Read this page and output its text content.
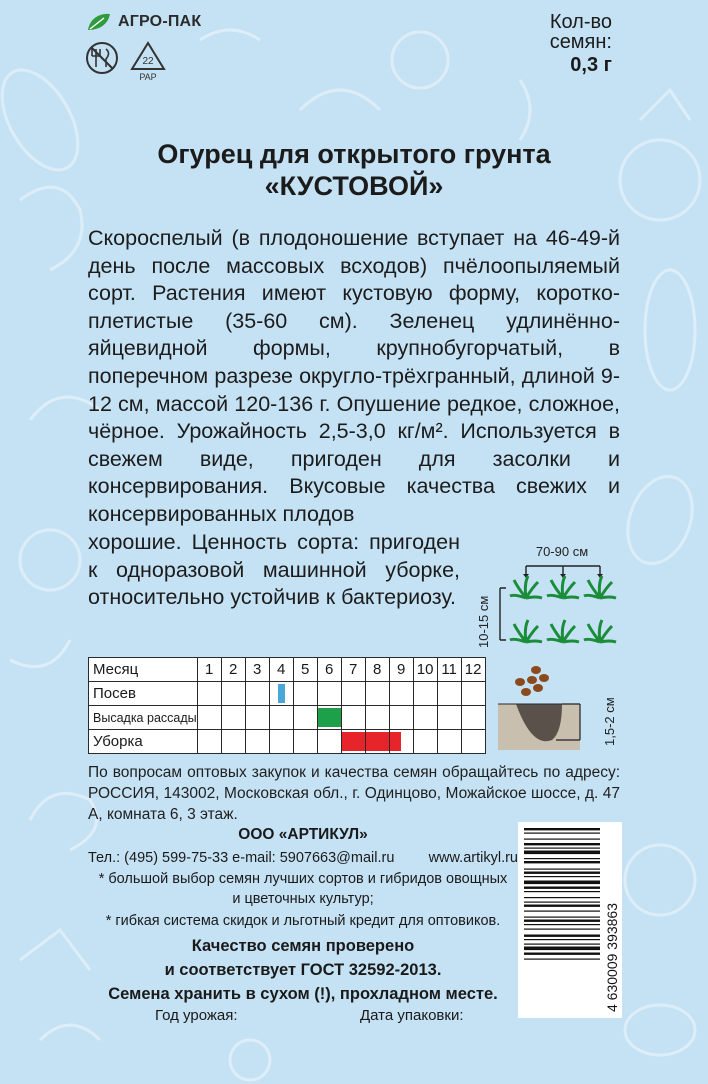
АГРО-ПАК
22
PAP
Кол-во
семян:
0,3 г
Огурец для открытого грунта
«КУСТОВОЙ»
Скороспелый (в плодоношение вступает на 46-49-й день после массовых всходов) пчёлоопыляемый сорт. Растения имеют кустовую форму, короткоплетистые (35-60 см). Зеленец удлинённо-яйцевидной формы, крупнобугорчатый, в поперечном разрезе округло-трёхгранный, длиной 9-12 см, массой 120-136 г. Опушение редкое, сложное, чёрное. Урожайность 2,5-3,0 кг/м². Используется в свежем виде, пригоден для засолки и консервирования. Вкусовые качества свежих и консервированных плодов
хорошие. Ценность сорта: пригоден к одноразовой машинной уборке, относительно устойчив к бактериозу.
70-90 см
10-15 см
Месяц	1	2	3	4	5	6	7	8	9	10	11	12
Посев				

Высадка рассады						

Уборка							

				1,5-2 см
По вопросам оптовых закупок и качества семян обращайтесь по адресу: РОССИЯ, 143002, Московская обл., г. Одинцово, Можайское шоссе, д. 47 А, комната 6, 3 этаж.
ООО «АРТИКУЛ»
Тел.: (495) 599-75-33 e-mail: 5907663@mail.ru www.artikyl.ru
* большой выбор семян лучших сортов и гибридов овощных
и цветочных культур;
* гибкая система скидок и льготный кредит для оптовиков.
Качество семян проверено
и соответствует ГОСТ 32592-2013.
Семена хранить в сухом (!), прохладном месте.
Год урожая:	Дата упаковки:
4 630009 393863
